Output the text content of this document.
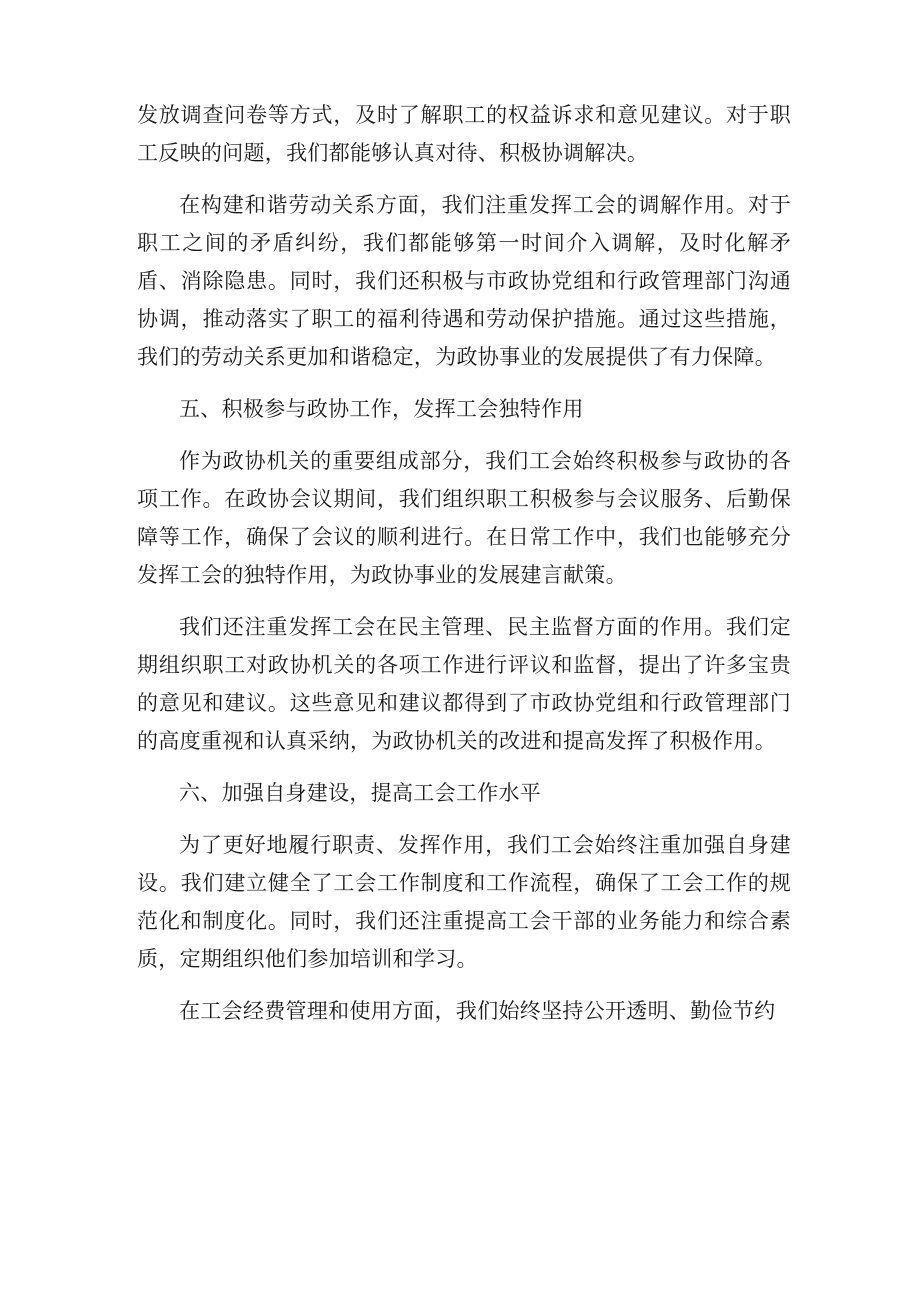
发放调查问卷等方式，及时了解职工的权益诉求和意见建议。对于职工反映的问题，我们都能够认真对待、积极协调解决。

在构建和谐劳动关系方面，我们注重发挥工会的调解作用。对于职工之间的矛盾纠纷，我们都能够第一时间介入调解，及时化解矛盾、消除隐患。同时，我们还积极与市政协党组和行政管理部门沟通协调，推动落实了职工的福利待遇和劳动保护措施。通过这些措施，我们的劳动关系更加和谐稳定，为政协事业的发展提供了有力保障。

五、积极参与政协工作，发挥工会独特作用

作为政协机关的重要组成部分，我们工会始终积极参与政协的各项工作。在政协会议期间，我们组织职工积极参与会议服务、后勤保障等工作，确保了会议的顺利进行。在日常工作中，我们也能够充分发挥工会的独特作用，为政协事业的发展建言献策。

我们还注重发挥工会在民主管理、民主监督方面的作用。我们定期组织职工对政协机关的各项工作进行评议和监督，提出了许多宝贵的意见和建议。这些意见和建议都得到了市政协党组和行政管理部门的高度重视和认真采纳，为政协机关的改进和提高发挥了积极作用。

六、加强自身建设，提高工会工作水平

为了更好地履行职责、发挥作用，我们工会始终注重加强自身建设。我们建立健全了工会工作制度和工作流程，确保了工会工作的规范化和制度化。同时，我们还注重提高工会干部的业务能力和综合素质，定期组织他们参加培训和学习。

在工会经费管理和使用方面，我们始终坚持公开透明、勤俭节约
